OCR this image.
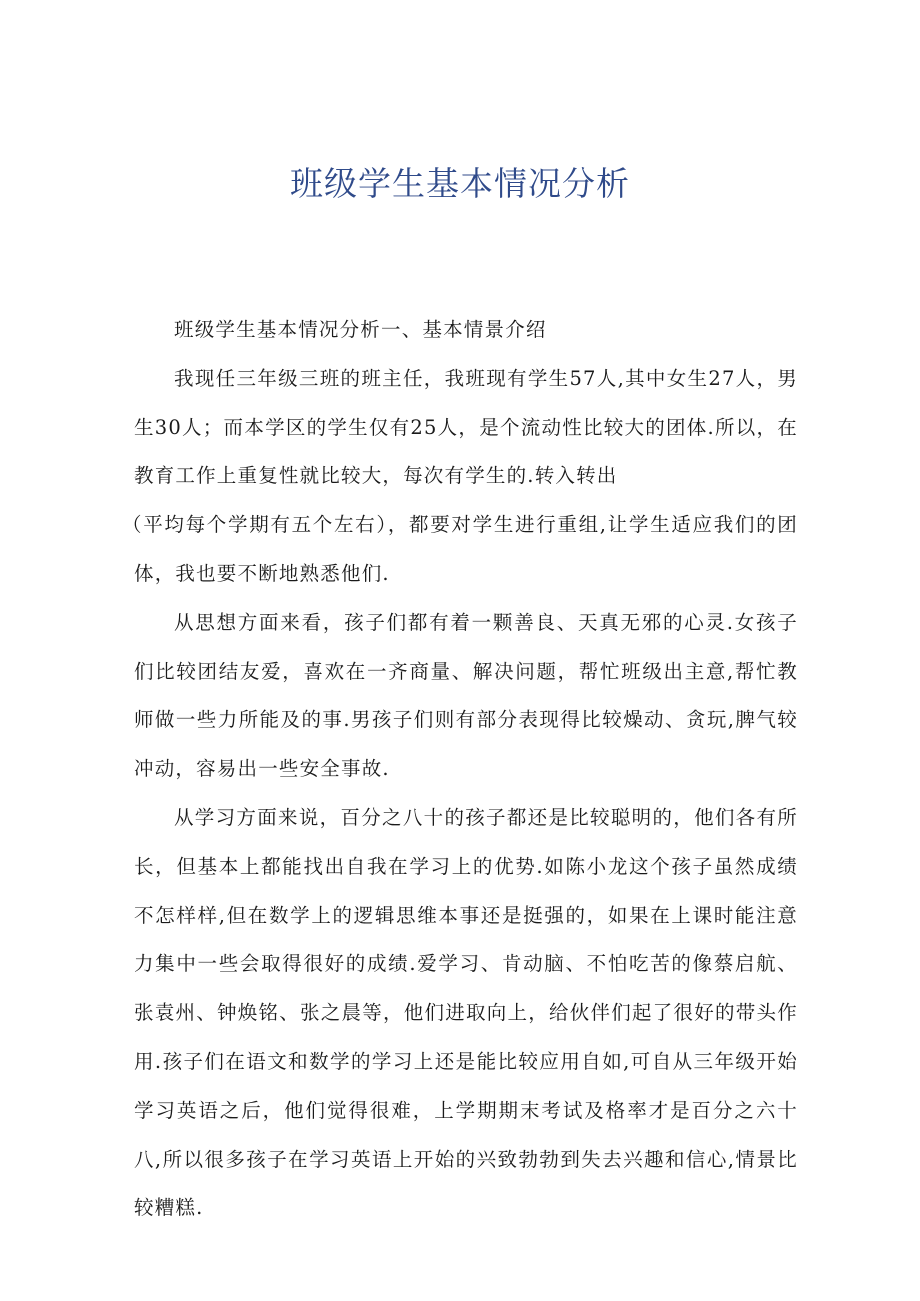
班级学生基本情况分析

班级学生基本情况分析一、基本情景介绍

我现任三年级三班的班主任，我班现有学生57人,其中女生27人，男生30人；而本学区的学生仅有25人，是个流动性比较大的团体.所以，在教育工作上重复性就比较大，每次有学生的.转入转出

（平均每个学期有五个左右），都要对学生进行重组,让学生适应我们的团体，我也要不断地熟悉他们.

从思想方面来看，孩子们都有着一颗善良、天真无邪的心灵.女孩子们比较团结友爱，喜欢在一齐商量、解决问题，帮忙班级出主意,帮忙教师做一些力所能及的事.男孩子们则有部分表现得比较燥动、贪玩,脾气较冲动，容易出一些安全事故.

从学习方面来说，百分之八十的孩子都还是比较聪明的，他们各有所长，但基本上都能找出自我在学习上的优势.如陈小龙这个孩子虽然成绩不怎样样,但在数学上的逻辑思维本事还是挺强的，如果在上课时能注意力集中一些会取得很好的成绩.爱学习、肯动脑、不怕吃苦的像蔡启航、张袁州、钟焕铭、张之晨等，他们进取向上，给伙伴们起了很好的带头作用.孩子们在语文和数学的学习上还是能比较应用自如,可自从三年级开始学习英语之后，他们觉得很难，上学期期末考试及格率才是百分之六十八,所以很多孩子在学习英语上开始的兴致勃勃到失去兴趣和信心,情景比较糟糕.
